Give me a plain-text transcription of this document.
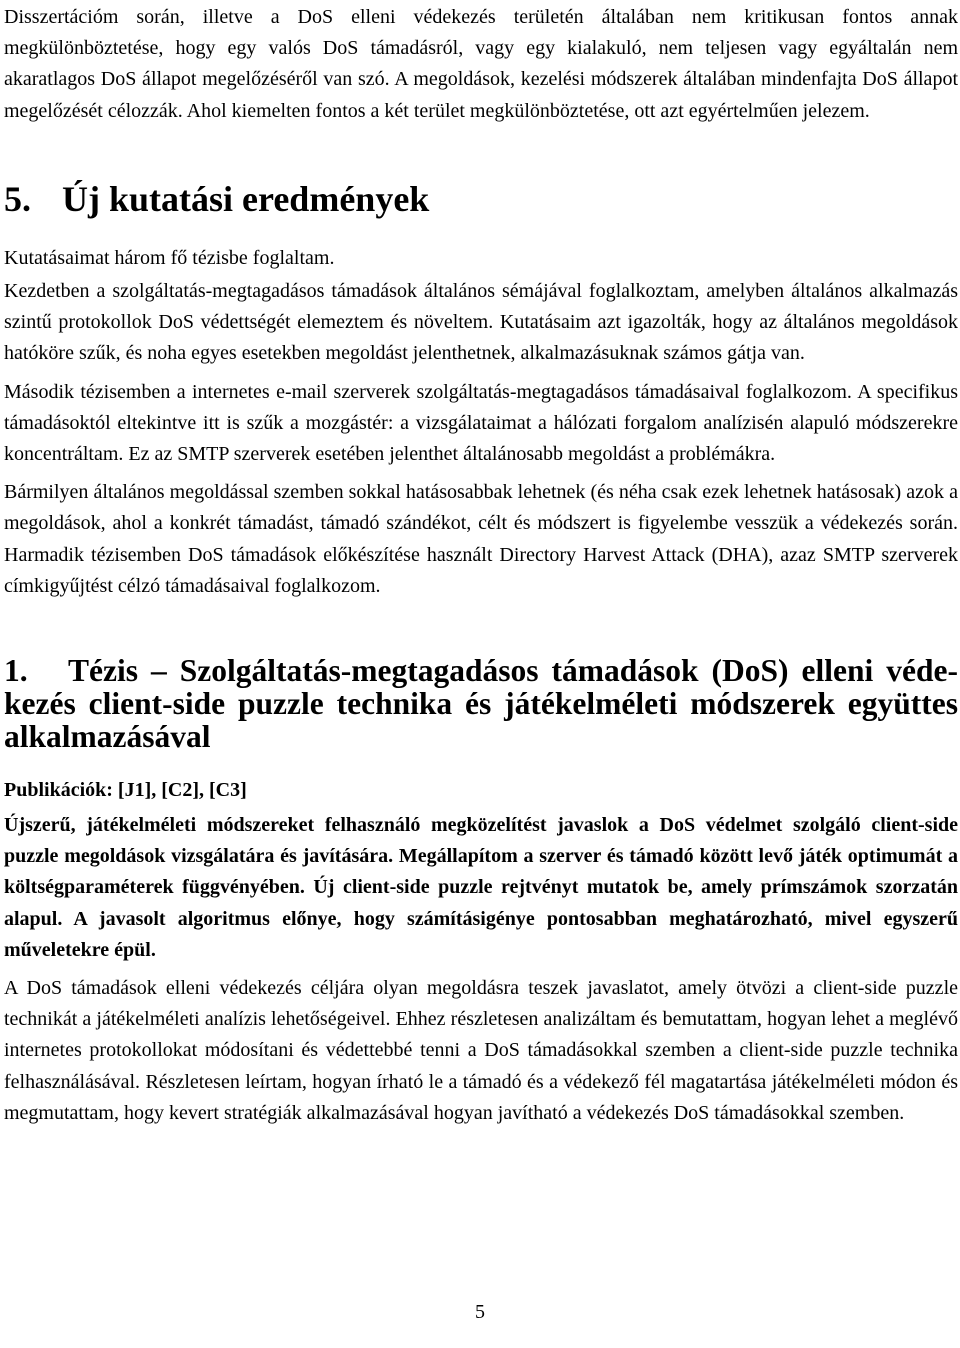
Disszertációm során, illetve a DoS elleni védekezés területén általában nem kritikusan fontos annak megkülönböztetése, hogy egy valós DoS támadásról, vagy egy kialakuló, nem teljesen vagy egyáltalán nem akaratlagos DoS állapot megelőzéséről van szó. A megoldások, kezelési módszerek általában mindenfajta DoS állapot megelőzését célozzák. Ahol kiemelten fontos a két terület megkülönböztetése, ott azt egyértelműen jelezem.

5. Új kutatási eredmények

Kutatásaimat három fő tézisbe foglaltam.

Kezdetben a szolgáltatás-megtagadásos támadások általános sémájával foglalkoztam, amelyben általános alkalmazás szintű protokollok DoS védettségét elemeztem és növeltem. Kutatásaim azt igazolták, hogy az általános megoldások hatóköre szűk, és noha egyes esetekben megoldást jelenthetnek, alkalmazásuknak számos gátja van.

Második tézisemben a internetes e-mail szerverek szolgáltatás-megtagadásos támadásaival foglalkozom. A specifikus támadásoktól eltekintve itt is szűk a mozgástér: a vizsgálataimat a hálózati forgalom analízisén alapuló módszerekre koncentráltam. Ez az SMTP szerverek esetében jelenthet általánosabb megoldást a problémákra.

Bármilyen általános megoldással szemben sokkal hatásosabbak lehetnek (és néha csak ezek lehetnek hatásosak) azok a megoldások, ahol a konkrét támadást, támadó szándékot, célt és módszert is figyelembe vesszük a védekezés során. Harmadik tézisemben DoS támadások előkészítése használt Directory Harvest Attack (DHA), azaz SMTP szerverek címkigyűjtést célzó támadásaival foglalkozom.

1. Tézis – Szolgáltatás-megtagadásos támadások (DoS) elleni véde-kezés client-side puzzle technika és játékelméleti módszerek együttes alkalmazásával
Publikációk: [J1], [C2], [C3]

Újszerű, játékelméleti módszereket felhasználó megközelítést javaslok a DoS védelmet szolgáló client-side puzzle megoldások vizsgálatára és javítására. Megállapítom a szerver és támadó között levő játék optimumát a költségparaméterek függvényében. Új client-side puzzle rejtvényt mutatok be, amely prímszámok szorzatán alapul. A javasolt algoritmus előnye, hogy számításigénye pontosabban meghatározható, mivel egyszerű műveletekre épül.

A DoS támadások elleni védekezés céljára olyan megoldásra teszek javaslatot, amely ötvözi a client-side puzzle technikát a játékelméleti analízis lehetőségeivel. Ehhez részletesen analizáltam és bemutattam, hogyan lehet a meglévő internetes protokollokat módosítani és védettebbé tenni a DoS támadásokkal szemben a client-side puzzle technika felhasználásával. Részletesen leírtam, hogyan írható le a támadó és a védekező fél magatartása játékelméleti módon és megmutattam, hogy kevert stratégiák alkalmazásával hogyan javítható a védekezés DoS támadásokkal szemben.

5
